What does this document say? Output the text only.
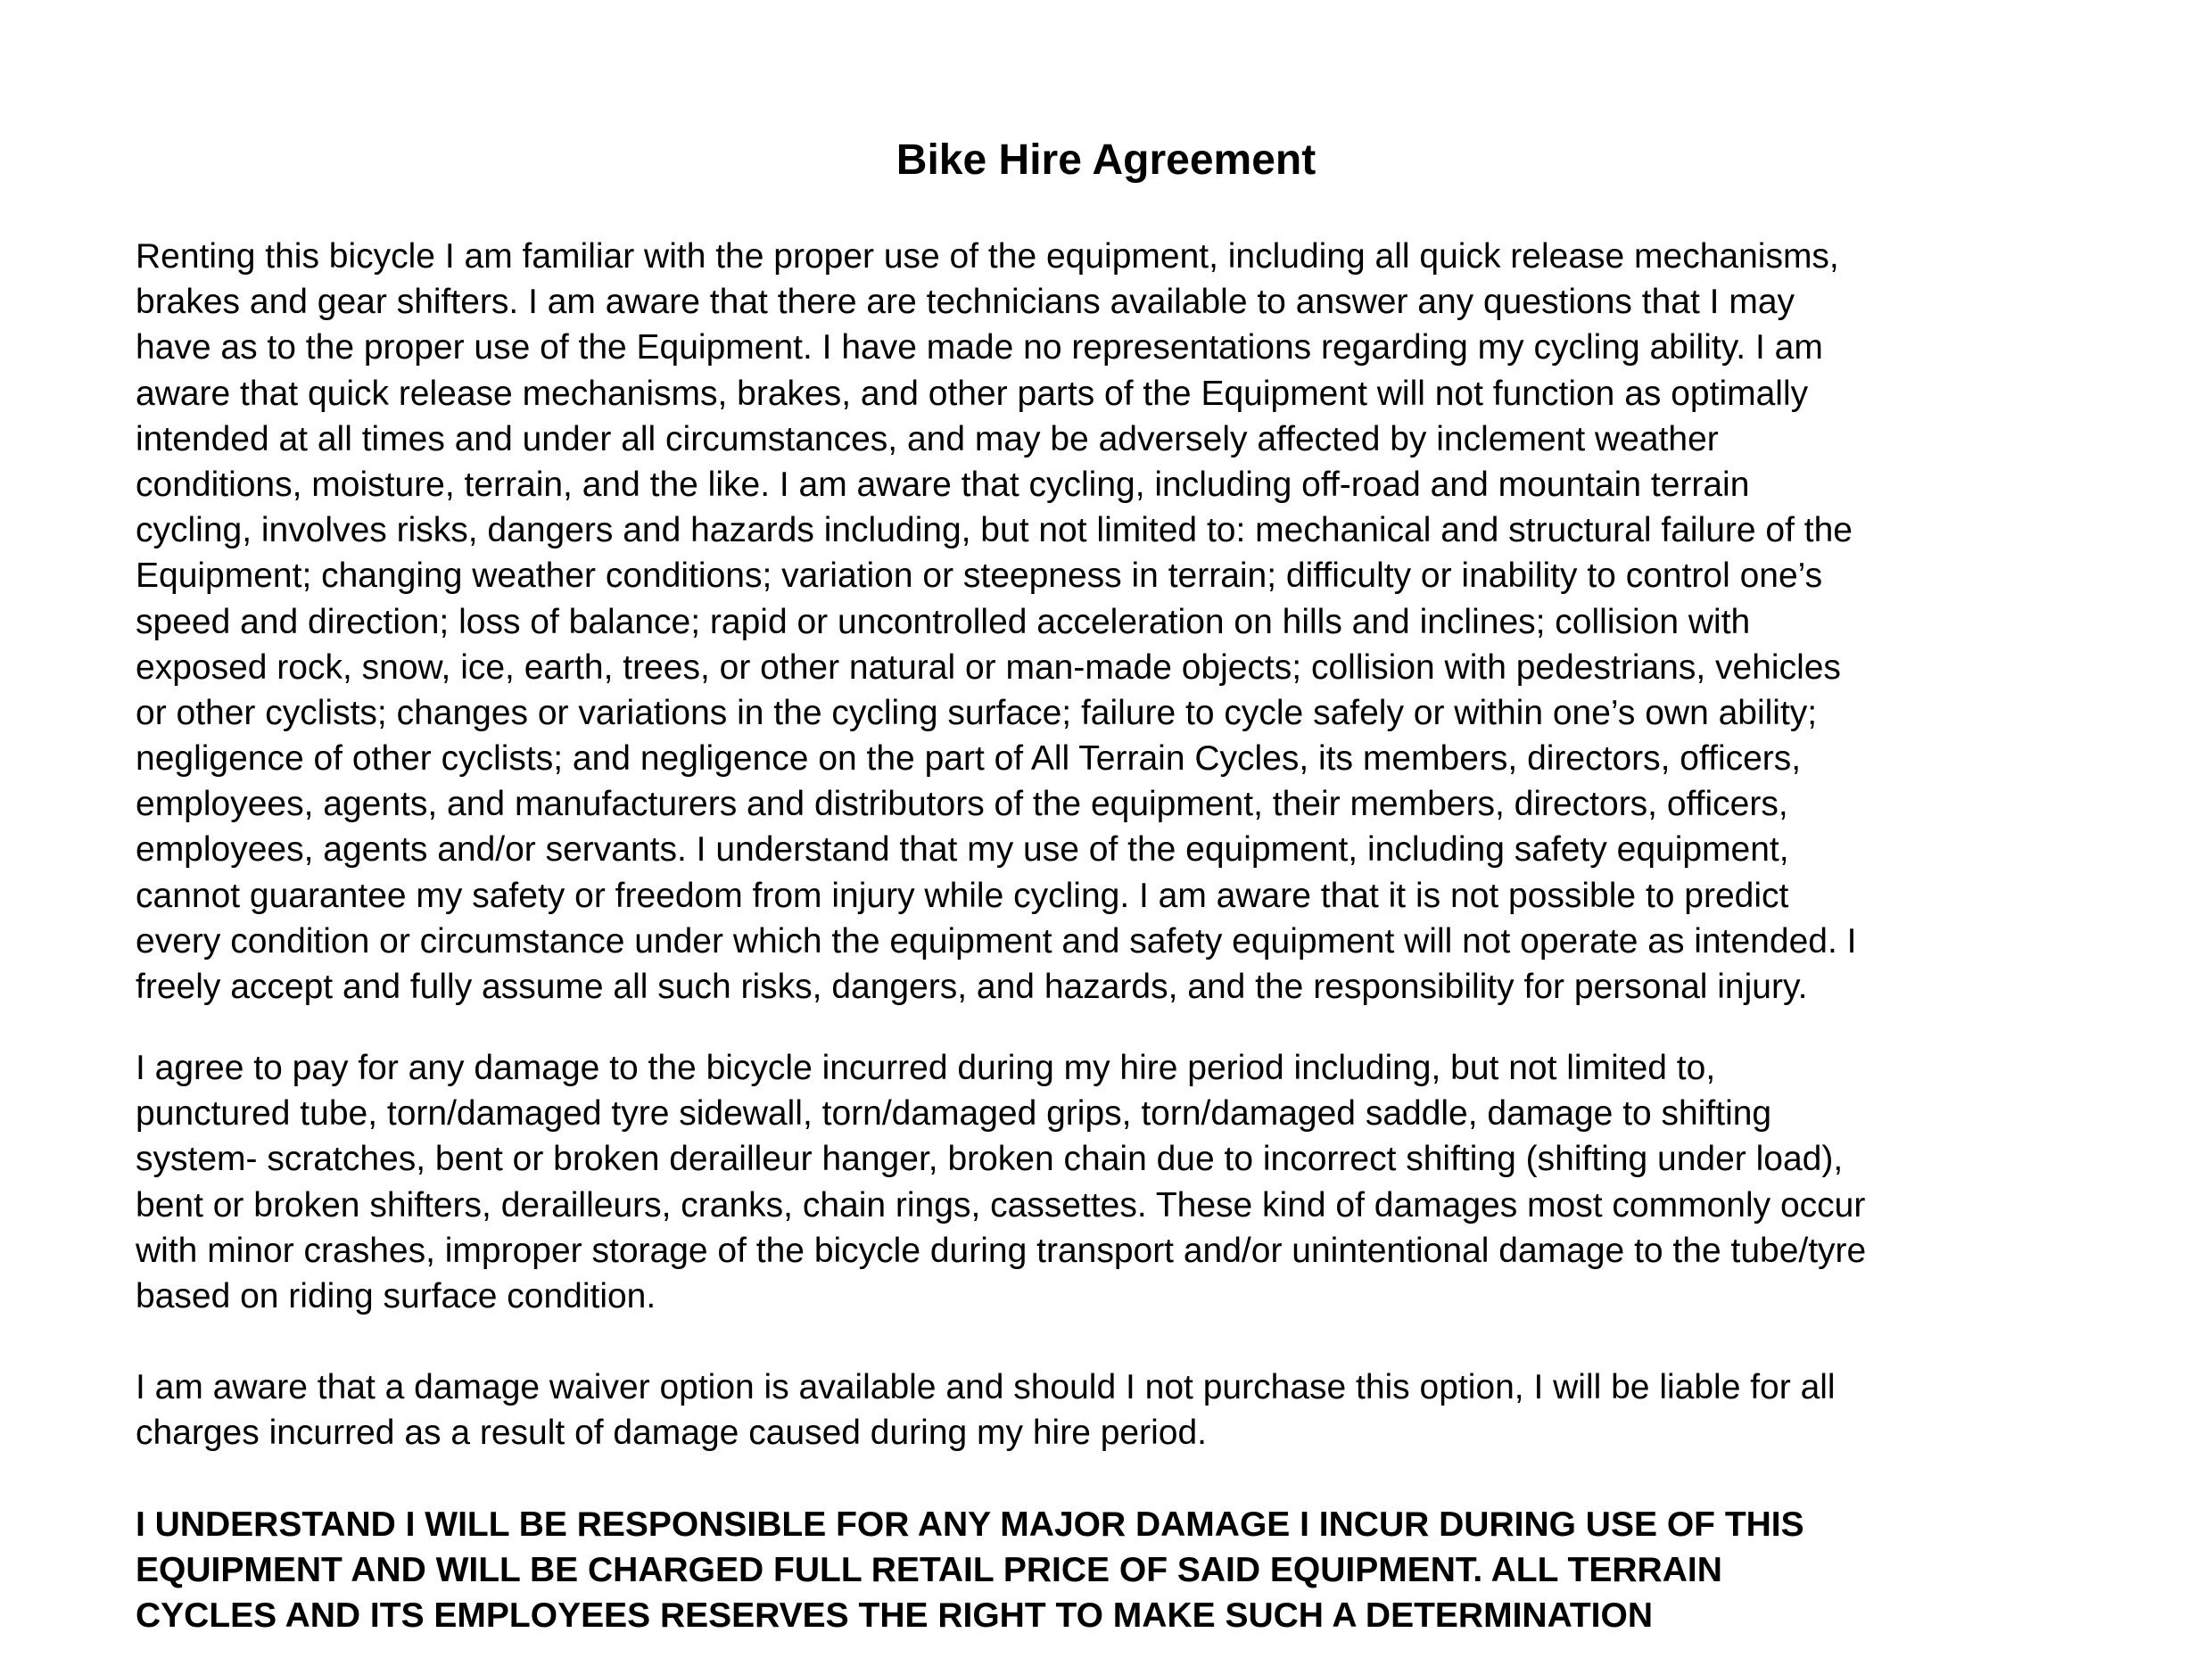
Bike Hire Agreement

Renting this bicycle I am familiar with the proper use of the equipment, including all quick release mechanisms,
brakes and gear shifters. I am aware that there are technicians available to answer any questions that I may
have as to the proper use of the Equipment. I have made no representations regarding my cycling ability. I am
aware that quick release mechanisms, brakes, and other parts of the Equipment will not function as optimally
intended at all times and under all circumstances, and may be adversely affected by inclement weather
conditions, moisture, terrain, and the like. I am aware that cycling, including off-road and mountain terrain
cycling, involves risks, dangers and hazards including, but not limited to: mechanical and structural failure of the
Equipment; changing weather conditions; variation or steepness in terrain; difficulty or inability to control one’s
speed and direction; loss of balance; rapid or uncontrolled acceleration on hills and inclines; collision with
exposed rock, snow, ice, earth, trees, or other natural or man-made objects; collision with pedestrians, vehicles
or other cyclists; changes or variations in the cycling surface; failure to cycle safely or within one’s own ability;
negligence of other cyclists; and negligence on the part of All Terrain Cycles, its members, directors, officers,
employees, agents, and manufacturers and distributors of the equipment, their members, directors, officers,
employees, agents and/or servants. I understand that my use of the equipment, including safety equipment,
cannot guarantee my safety or freedom from injury while cycling. I am aware that it is not possible to predict
every condition or circumstance under which the equipment and safety equipment will not operate as intended. I
freely accept and fully assume all such risks, dangers, and hazards, and the responsibility for personal injury.

I agree to pay for any damage to the bicycle incurred during my hire period including, but not limited to,
punctured tube, torn/damaged tyre sidewall, torn/damaged grips, torn/damaged saddle, damage to shifting
system- scratches, bent or broken derailleur hanger, broken chain due to incorrect shifting (shifting under load),
bent or broken shifters, derailleurs, cranks, chain rings, cassettes. These kind of damages most commonly occur
with minor crashes, improper storage of the bicycle during transport and/or unintentional damage to the tube/tyre
based on riding surface condition.

I am aware that a damage waiver option is available and should I not purchase this option, I will be liable for all
charges incurred as a result of damage caused during my hire period.

I UNDERSTAND I WILL BE RESPONSIBLE FOR ANY MAJOR DAMAGE I INCUR DURING USE OF THIS
EQUIPMENT AND WILL BE CHARGED FULL RETAIL PRICE OF SAID EQUIPMENT. ALL TERRAIN
CYCLES AND ITS EMPLOYEES RESERVES THE RIGHT TO MAKE SUCH A DETERMINATION
